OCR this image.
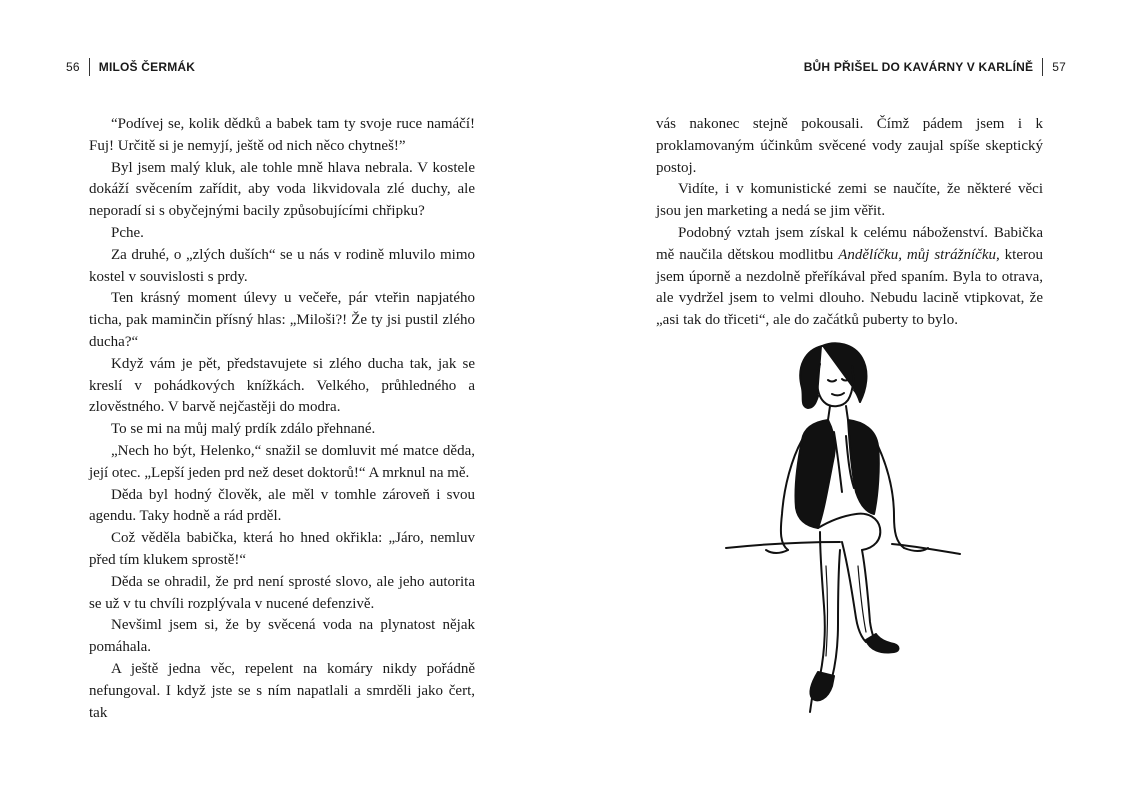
56 MILOŠ ČERMÁK

“Podívej se, kolik dědků a babek tam ty svoje ruce namáčí! Fuj! Určitě si je nemyjí, ještě od nich něco chytneš!”

Byl jsem malý kluk, ale tohle mně hlava nebrala. V kostele dokáží svěcením zařídit, aby voda likvidovala zlé duchy, ale neporadí si s obyčejnými bacily způsobujícími chřipku?

Pche.

Za druhé, o „zlých duších“ se u nás v rodině mluvilo mimo kostel v souvislosti s prdy.

Ten krásný moment úlevy u večeře, pár vteřin napjatého ticha, pak maminčin přísný hlas: „Miloši?! Že ty jsi pustil zlého ducha?“

Když vám je pět, představujete si zlého ducha tak, jak se kreslí v pohádkových knížkách. Velkého, průhledného a zlověstného. V barvě nejčastěji do modra.

To se mi na můj malý prdík zdálo přehnané.

„Nech ho být, Helenko,“ snažil se domluvit mé matce děda, její otec. „Lepší jeden prd než deset doktorů!“ A mrknul na mě.

Děda byl hodný člověk, ale měl v tomhle zároveň i svou agendu. Taky hodně a rád prděl.

Což věděla babička, která ho hned okřikla: „Járo, nemluv před tím klukem sprostě!“

Děda se ohradil, že prd není sprosté slovo, ale jeho autorita se už v tu chvíli rozplývala v nucené defenzivě.

Nevšiml jsem si, že by svěcená voda na plynatost nějak pomáhala.

A ještě jedna věc, repelent na komáry nikdy pořádně nefungoval. I když jste se s ním napatlali a smrděli jako čert, tak

BŮH PŘIŠEL DO KAVÁRNY V KARLÍNĚ 57

vás nakonec stejně pokousali. Čímž pádem jsem i k proklamovaným účinkům svěcené vody zaujal spíše skeptický postoj.

Vidíte, i v komunistické zemi se naučíte, že některé věci jsou jen marketing a nedá se jim věřit.

Podobný vztah jsem získal k celému náboženství. Babička mě naučila dětskou modlitbu Andělíčku, můj strážníčku, kterou jsem úporně a nezdolně přeříkával před spaním. Byla to otrava, ale vydržel jsem to velmi dlouho. Nebudu lacině vtipkovat, že „asi tak do třiceti“, ale do začátků puberty to bylo.
